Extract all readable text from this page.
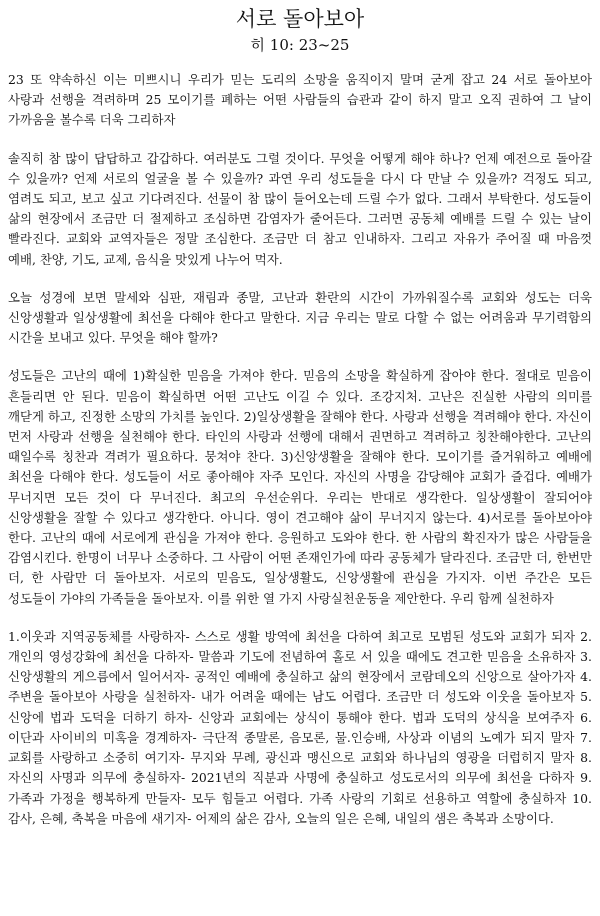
서로 돌아보아
히 10: 23~25

23 또 약속하신 이는 미쁘시니 우리가 믿는 도리의 소망을 움직이지 말며 굳게 잡고 24 서로 돌아보아 사랑과 선행을 격려하며 25 모이기를 폐하는 어떤 사람들의 습관과 같이 하지 말고 오직 권하여 그 날이 가까움을 볼수록 더욱 그리하자

솔직히 참 많이 답답하고 갑갑하다. 여러분도 그럴 것이다. 무엇을 어떻게 해야 하나? 언제 예전으로 돌아갈 수 있을까? 언제 서로의 얼굴을 볼 수 있을까? 과연 우리 성도들을 다시 다 만날 수 있을까? 걱정도 되고, 염려도 되고, 보고 싶고 기다려진다. 선물이 참 많이 들어오는데 드릴 수가 없다. 그래서 부탁한다. 성도들이 삶의 현장에서 조금만 더 절제하고 조심하면 감염자가 줄어든다. 그러면 공동체 예배를 드릴 수 있는 날이 빨라진다. 교회와 교역자들은 정말 조심한다. 조금만 더 참고 인내하자. 그리고 자유가 주어질 때 마음껏 예배, 찬양, 기도, 교제, 음식을 맛있게 나누어 먹자.

오늘 성경에 보면 말세와 심판, 재림과 종말, 고난과 환란의 시간이 가까워질수록 교회와 성도는 더욱 신앙생활과 일상생활에 최선을 다해야 한다고 말한다. 지금 우리는 말로 다할 수 없는 어려움과 무기력함의 시간을 보내고 있다. 무엇을 해야 할까?

성도들은 고난의 때에 1)확실한 믿음을 가져야 한다. 믿음의 소망을 확실하게 잡아야 한다. 절대로 믿음이 흔들리면 안 된다. 믿음이 확실하면 어떤 고난도 이길 수 있다. 조강지처. 고난은 진실한 사람의 의미를 깨닫게 하고, 진정한 소망의 가치를 높인다. 2)일상생활을 잘해야 한다. 사랑과 선행을 격려해야 한다. 자신이 먼저 사랑과 선행을 실천해야 한다. 타인의 사랑과 선행에 대해서 권면하고 격려하고 칭찬해야한다. 고난의 때일수록 칭찬과 격려가 필요하다. 뭉쳐야 찬다. 3)신앙생활을 잘해야 한다. 모이기를 즐거워하고 예배에 최선을 다해야 한다. 성도들이 서로 좋아해야 자주 모인다. 자신의 사명을 감당해야 교회가 즐겁다. 예배가 무너지면 모든 것이 다 무너진다. 최고의 우선순위다. 우리는 반대로 생각한다. 일상생활이 잘되어야 신앙생활을 잘할 수 있다고 생각한다. 아니다. 영이 견고해야 삶이 무너지지 않는다. 4)서로를 돌아보아야 한다. 고난의 때에 서로에게 관심을 가져야 한다. 응원하고 도와야 한다. 한 사람의 확진자가 많은 사람들을 감염시킨다. 한명이 너무나 소중하다. 그 사람이 어떤 존재인가에 따라 공동체가 달라진다. 조금만 더, 한번만 더, 한 사람만 더 돌아보자. 서로의 믿음도, 일상생활도, 신앙생활에 관심을 가지자. 이번 주간은 모든 성도들이 가야의 가족들을 돌아보자. 이를 위한 열 가지 사랑실천운동을 제안한다. 우리 함께 실천하자

1.이웃과 지역공동체를 사랑하자- 스스로 생활 방역에 최선을 다하여 최고로 모범된 성도와 교회가 되자 2.개인의 영성강화에 최선을 다하자- 말씀과 기도에 전념하여 홀로 서 있을 때에도 견고한 믿음을 소유하자 3.신앙생활의 게으름에서 일어서자- 공적인 예배에 충실하고 삶의 현장에서 코람데오의 신앙으로 살아가자 4.주변을 돌아보아 사랑을 실천하자- 내가 어려울 때에는 남도 어렵다. 조금만 더 성도와 이웃을 돌아보자 5.신앙에 법과 도덕을 더하기 하자- 신앙과 교회에는 상식이 통해야 한다. 법과 도덕의 상식을 보여주자 6.이단과 사이비의 미혹을 경계하자- 극단적 종말론, 음모론, 물.인승배, 사상과 이념의 노예가 되지 말자 7.교회를 사랑하고 소중히 여기자- 무지와 무례, 광신과 맹신으로 교회와 하나님의 영광을 더럽히지 말자 8.자신의 사명과 의무에 충실하자- 2021년의 직분과 사명에 충실하고 성도로서의 의무에 최선을 다하자 9.가족과 가정을 행복하게 만들자- 모두 힘들고 어렵다. 가족 사랑의 기회로 선용하고 역할에 충실하자 10.감사, 은혜, 축복을 마음에 새기자- 어제의 삶은 감사, 오늘의 일은 은혜, 내일의 샘은 축복과 소망이다.
